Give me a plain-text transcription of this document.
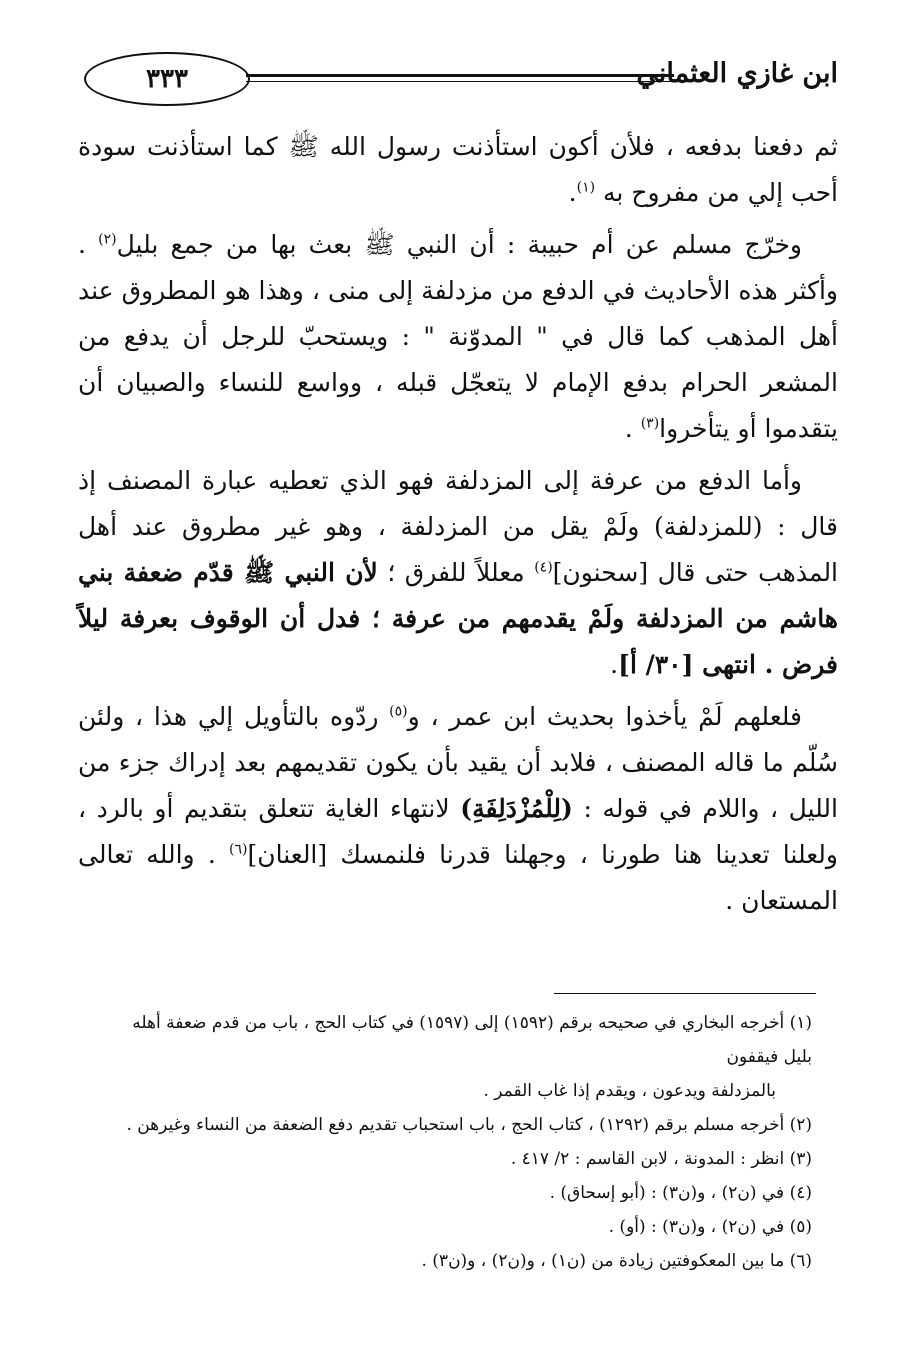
٣٣٣	ابن غازي العثماني

ثم دفعنا بدفعه ، فلأن أكون استأذنت رسول الله ﷺ كما استأذنت سودة أحب إلي من مفروح به $^{(١)}$.

وخرّج مسلم عن أم حبيبة : أن النبي ﷺ بعث بها من جمع بليل$^{(٢)}$ . وأكثر هذه الأحاديث في الدفع من مزدلفة إلى منى ، وهذا هو المطروق عند أهل المذهب كما قال في " المدوّنة " : ويستحبّ للرجل أن يدفع من المشعر الحرام بدفع الإمام لا يتعجّل قبله ، وواسع للنساء والصبيان أن يتقدموا أو يتأخروا$^{(٣)}$ .

وأما الدفع من عرفة إلى المزدلفة فهو الذي تعطيه عبارة المصنف إذ قال : (للمزدلفة) ولَمْ يقل من المزدلفة ، وهو غير مطروق عند أهل المذهب حتى قال [سحنون]$^{(٤)}$ معللاً للفرق ؛ لأن النبي ﷺ قدّم ضعفة بني هاشم من المزدلفة ولَمْ يقدمهم من عرفة ؛ فدل أن الوقوف بعرفة ليلاً فرض . انتهى [٣٠/ أ].

فلعلهم لَمْ يأخذوا بحديث ابن عمر ، و$^{(٥)}$ ردّوه بالتأويل إلي هذا ، ولئن سُلّم ما قاله المصنف ، فلابد أن يقيد بأن يكون تقديمهم بعد إدراك جزء من الليل ، واللام في قوله : (لِلْمُزْدَلِفَةِ) لانتهاء الغاية تتعلق بتقديم أو بالرد ، ولعلنا تعدينا هنا طورنا ، وجهلنا قدرنا فلنمسك [العنان]$^{(٦)}$ . والله تعالى المستعان .

(١) أخرجه البخاري في صحيحه برقم (١٥٩٢) إلى (١٥٩٧) في كتاب الحج ، باب من قدم ضعفة أهله بليل فيقفون

بالمزدلفة ويدعون ، ويقدم إذا غاب القمر .

(٢) أخرجه مسلم برقم (١٢٩٢) ، كتاب الحج ، باب استحباب تقديم دفع الضعفة من النساء وغيرهن .

(٣) انظر : المدونة ، لابن القاسم : ٢/ ٤١٧ .

(٤) في (ن٢) ، و(ن٣) : (أبو إسحاق) .

(٥) في (ن٢) ، و(ن٣) : (أو) .

(٦) ما بين المعكوفتين زيادة من (ن١) ، و(ن٢) ، و(ن٣) .
